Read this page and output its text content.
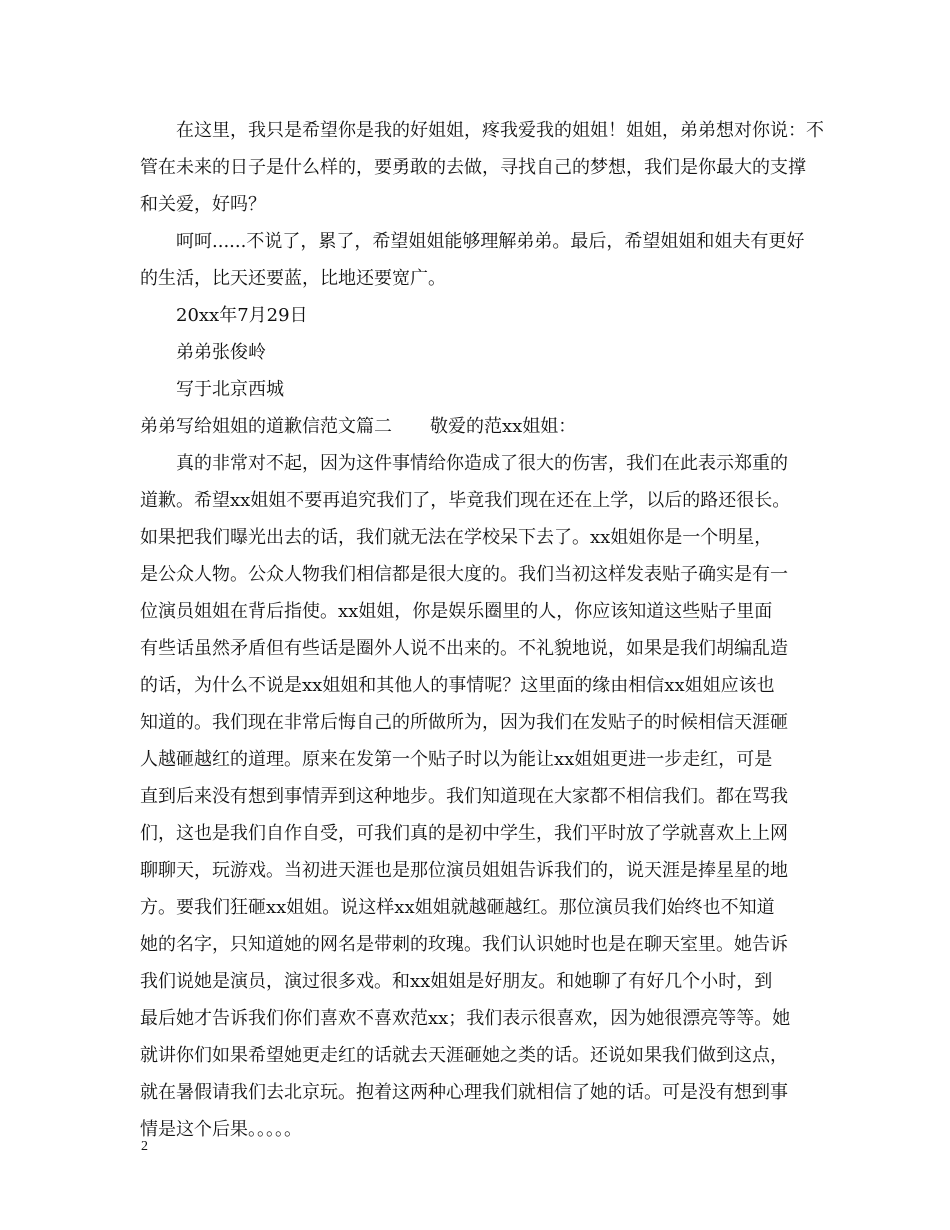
在这里，我只是希望你是我的好姐姐，疼我爱我的姐姐！姐姐，弟弟想对你说：不
管在未来的日子是什么样的，要勇敢的去做，寻找自己的梦想，我们是你最大的支撑
和关爱，好吗？
呵呵......不说了，累了，希望姐姐能够理解弟弟。最后，希望姐姐和姐夫有更好
的生活，比天还要蓝，比地还要宽广。
20xx年7月29日
弟弟张俊岭
写于北京西城
弟弟写给姐姐的道歉信范文篇二 敬爱的范xx姐姐：
真的非常对不起，因为这件事情给你造成了很大的伤害，我们在此表示郑重的
道歉。希望xx姐姐不要再追究我们了，毕竟我们现在还在上学，以后的路还很长。
如果把我们曝光出去的话，我们就无法在学校呆下去了。xx姐姐你是一个明星，
是公众人物。公众人物我们相信都是很大度的。我们当初这样发表贴子确实是有一
位演员姐姐在背后指使。xx姐姐，你是娱乐圈里的人，你应该知道这些贴子里面
有些话虽然矛盾但有些话是圈外人说不出来的。不礼貌地说，如果是我们胡编乱造
的话，为什么不说是xx姐姐和其他人的事情呢？这里面的缘由相信xx姐姐应该也
知道的。我们现在非常后悔自己的所做所为，因为我们在发贴子的时候相信天涯砸
人越砸越红的道理。原来在发第一个贴子时以为能让xx姐姐更进一步走红，可是
直到后来没有想到事情弄到这种地步。我们知道现在大家都不相信我们。都在骂我
们，这也是我们自作自受，可我们真的是初中学生，我们平时放了学就喜欢上上网
聊聊天，玩游戏。当初进天涯也是那位演员姐姐告诉我们的，说天涯是捧星星的地
方。要我们狂砸xx姐姐。说这样xx姐姐就越砸越红。那位演员我们始终也不知道
她的名字，只知道她的网名是带刺的玫瑰。我们认识她时也是在聊天室里。她告诉
我们说她是演员，演过很多戏。和xx姐姐是好朋友。和她聊了有好几个小时，到
最后她才告诉我们你们喜欢不喜欢范xx；我们表示很喜欢，因为她很漂亮等等。她
就讲你们如果希望她更走红的话就去天涯砸她之类的话。还说如果我们做到这点，
就在暑假请我们去北京玩。抱着这两种心理我们就相信了她的话。可是没有想到事
情是这个后果。。。。。
2
